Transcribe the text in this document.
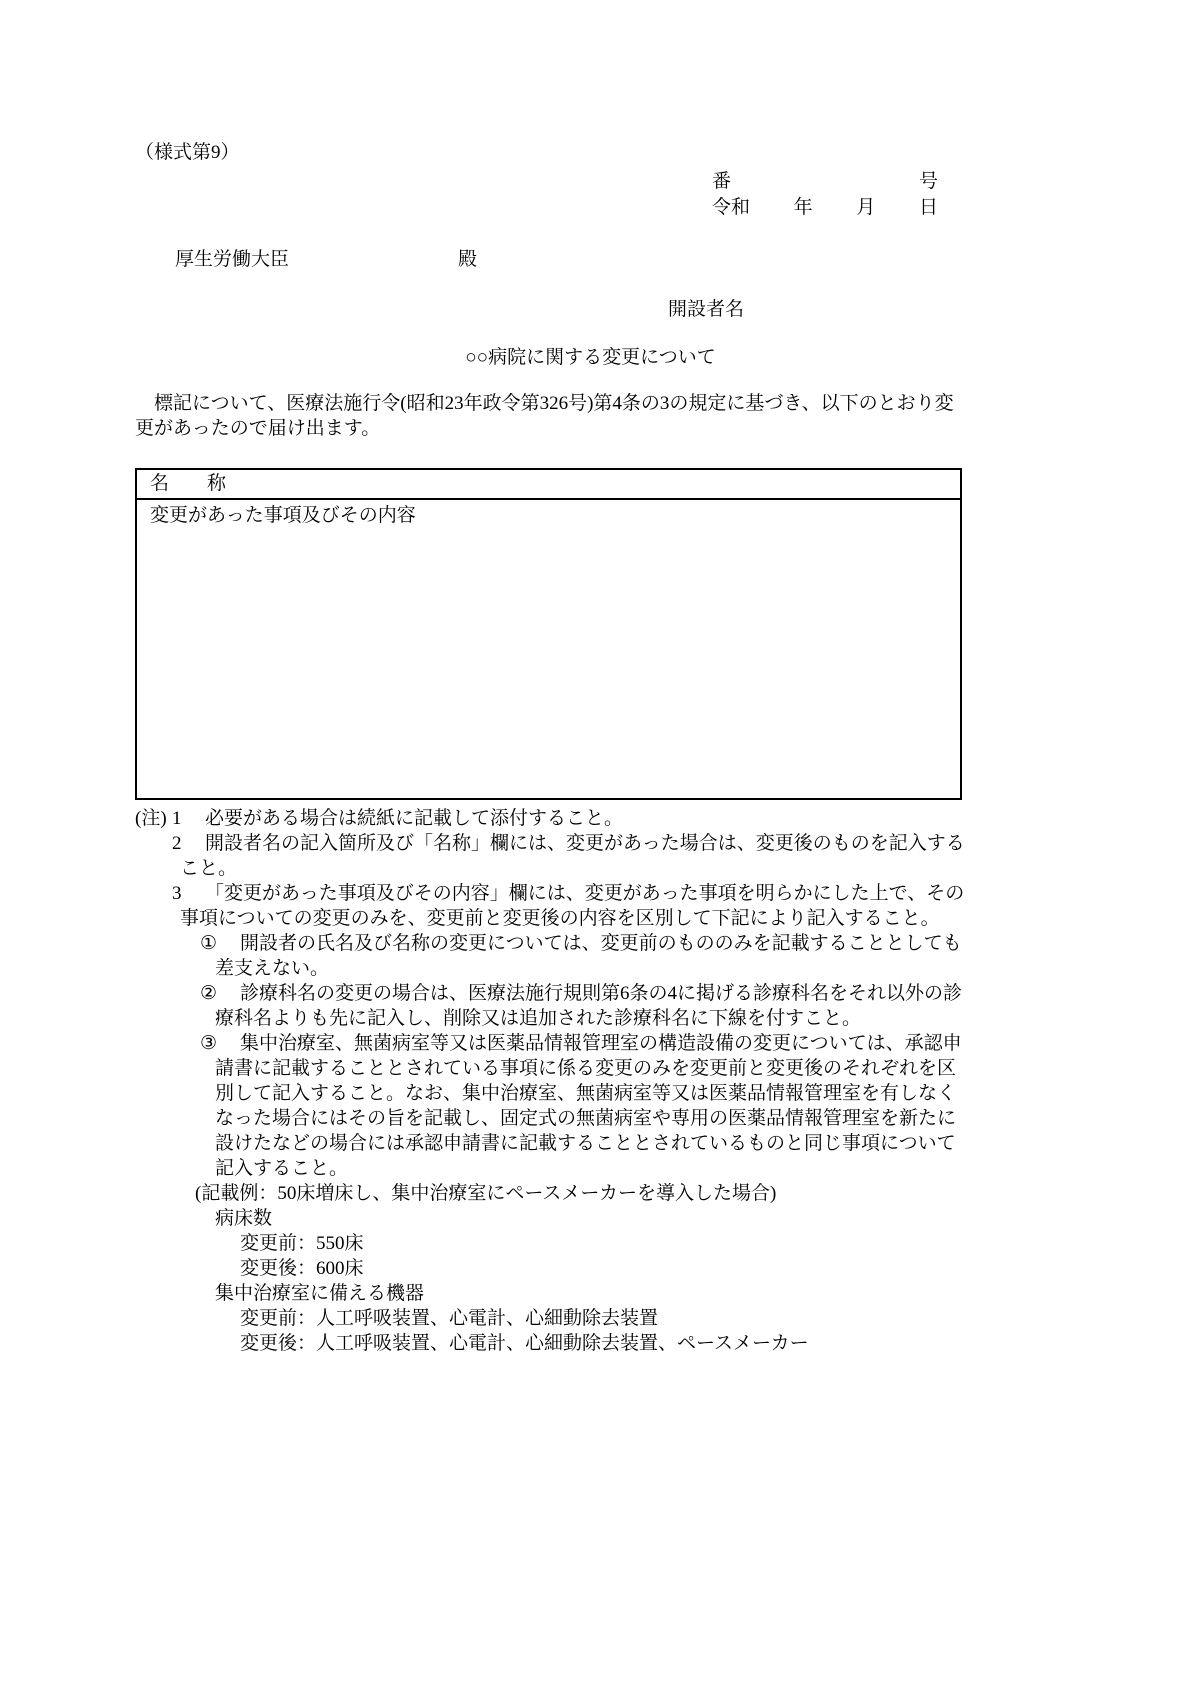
（様式第9）
番	号
令和 年 月 日
厚生労働大臣	殿
開設者名
○○病院に関する変更について

　標記について、医療法施行令(昭和23年政令第326号)第4条の3の規定に基づき、以下のとおり変更があったので届け出ます。

名　　称
変更があった事項及びその内容

(注) 1 必要がある場合は続紙に記載して添付すること。

2 開設者名の記入箇所及び「名称」欄には、変更があった場合は、変更後のものを記入すること。

3 「変更があった事項及びその内容」欄には、変更があった事項を明らかにした上で、その事項についての変更のみを、変更前と変更後の内容を区別して下記により記入すること。

① 開設者の氏名及び名称の変更については、変更前のもののみを記載することとしても差支えない。

② 診療科名の変更の場合は、医療法施行規則第6条の4に掲げる診療科名をそれ以外の診療科名よりも先に記入し、削除又は追加された診療科名に下線を付すこと。

③ 集中治療室、無菌病室等又は医薬品情報管理室の構造設備の変更については、承認申請書に記載することとされている事項に係る変更のみを変更前と変更後のそれぞれを区別して記入すること。なお、集中治療室、無菌病室等又は医薬品情報管理室を有しなくなった場合にはその旨を記載し、固定式の無菌病室や専用の医薬品情報管理室を新たに設けたなどの場合には承認申請書に記載することとされているものと同じ事項について記入すること。

(記載例：50床増床し、集中治療室にペースメーカーを導入した場合)

病床数

変更前：550床

変更後：600床

集中治療室に備える機器

変更前：人工呼吸装置、心電計、心細動除去装置

変更後：人工呼吸装置、心電計、心細動除去装置、ペースメーカー
